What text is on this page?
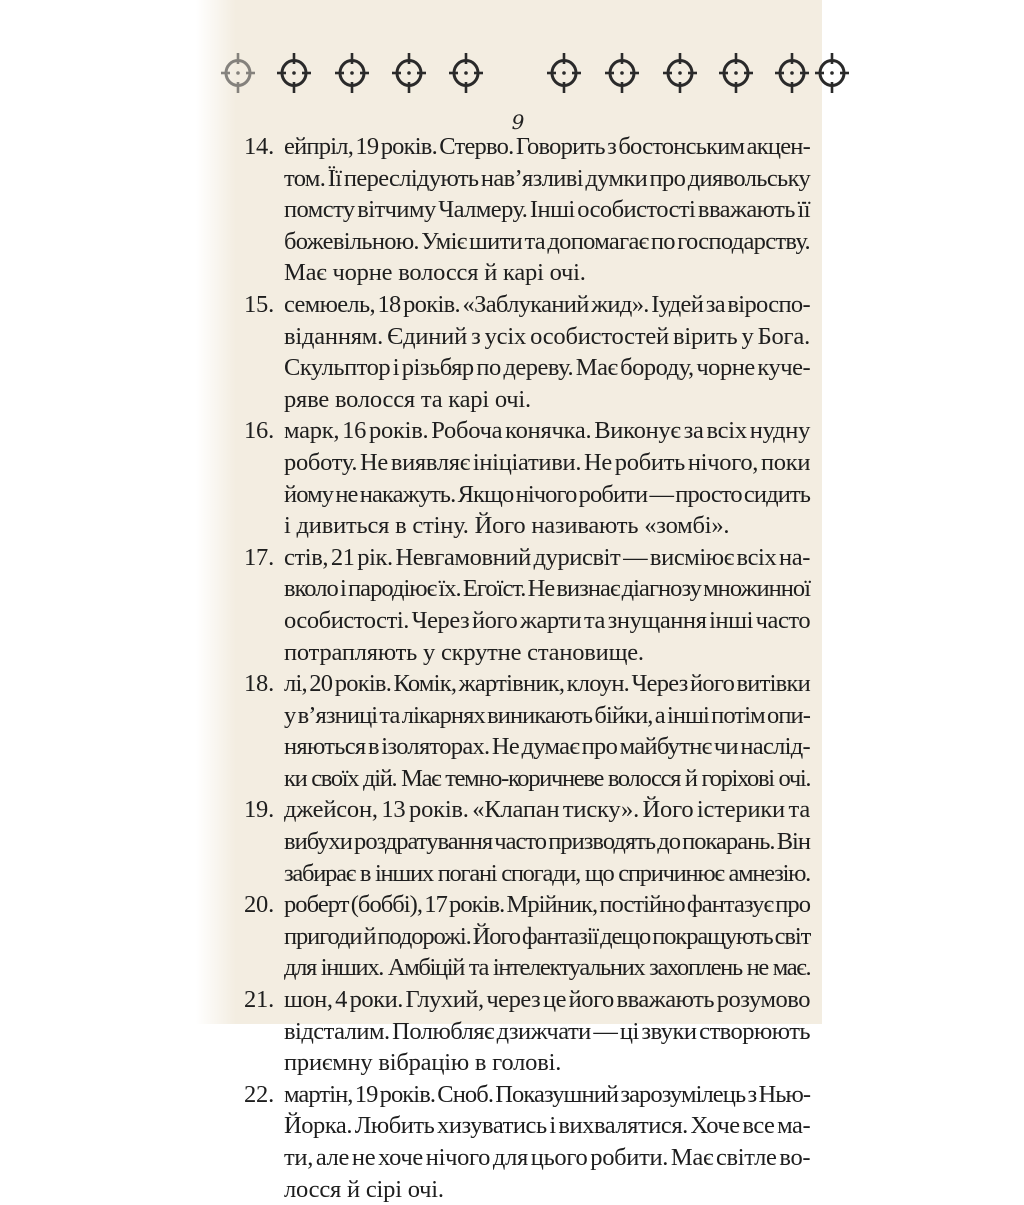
9
14. ейпріл, 19 років. Стерво. Говорить з бостонським акцен-
том. Її переслідують нав’язливі думки про диявольську
помсту вітчиму Чалмеру. Інші особистості вважають її
божевільною. Уміє шити та допомагає по господарству.
Має чорне волосся й карі очі.
15. семюель, 18 років. «Заблуканий жид». Іудей за віроспо-
віданням. Єдиний з усіх особистостей вірить у Бога.
Скульптор і різьбяр по дереву. Має бороду, чорне куче-
ряве волосся та карі очі.
16. марк, 16 років. Робоча конячка. Виконує за всіх нудну
роботу. Не виявляє ініціативи. Не робить нічого, поки
йому не накажуть. Якщо нічого робити — просто сидить
і дивиться в стіну. Його називають «зомбі».
17. стів, 21 рік. Невгамовний дурисвіт — висміює всіх на-
вколо і пародіює їх. Егоїст. Не визнає діагнозу множинної
особистості. Через його жарти та знущання інші часто
потрапляють у скрутне становище.
18. лі, 20 років. Комік, жартівник, клоун. Через його витівки
у в’язниці та лікарнях виникають бійки, а інші потім опи-
няються в ізоляторах. Не думає про майбутнє чи наслід-
ки своїх дій. Має темно-коричневе волосся й горіхові очі.
19. джейсон, 13 років. «Клапан тиску». Його істерики та
вибухи роздратування часто призводять до покарань. Він
забирає в інших погані спогади, що спричинює амнезію.
20. роберт (боббі), 17 років. Мрійник, постійно фантазує про
пригоди й подорожі. Його фантазії дещо покращують світ
для інших. Амбіцій та інтелектуальних захоплень не має.
21. шон, 4 роки. Глухий, через це його вважають розумово
відсталим. Полюбляє дзижчати — ці звуки створюють
приємну вібрацію в голові.
22. мартін, 19 років. Сноб. Показушний зарозумілець з Нью-
Йорка. Любить хизуватись і вихвалятися. Хоче все ма-
ти, але не хоче нічого для цього робити. Має світле во-
лосся й сірі очі.
